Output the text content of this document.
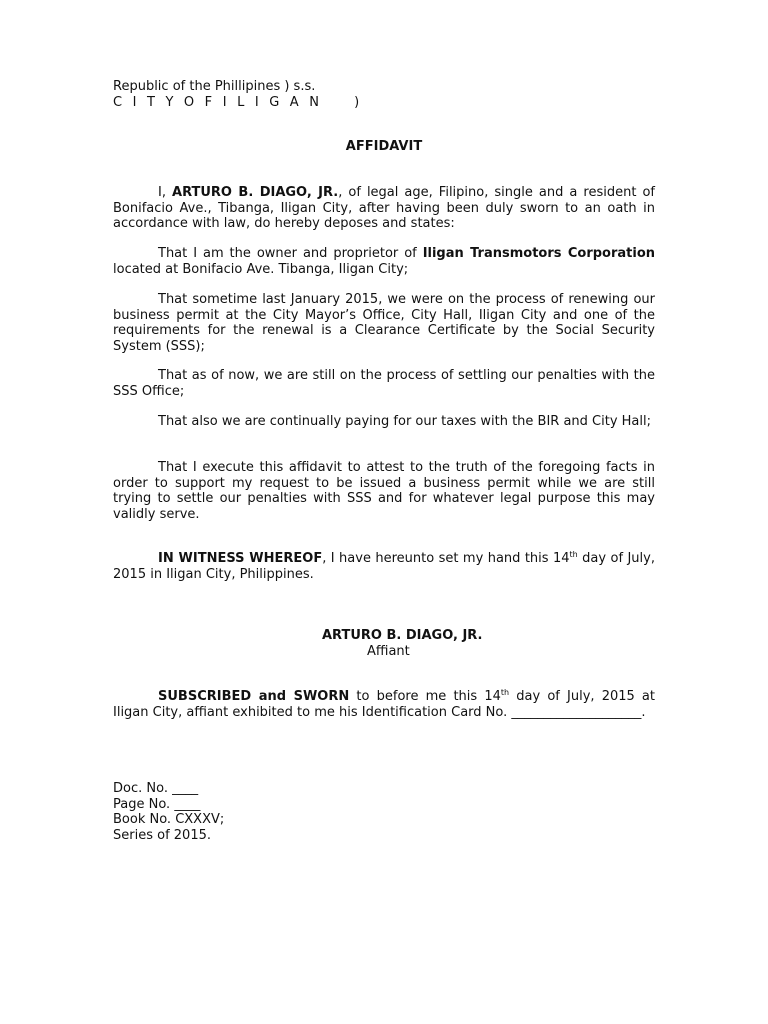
Republic of the Phillipines ) s.s.
C I T Y O F I L I G A N )
AFFIDAVIT
I, ARTURO B. DIAGO, JR., of legal age, Filipino, single and a resident of Bonifacio Ave., Tibanga, Iligan City, after having been duly sworn to an oath in accordance with law, do hereby deposes and states:
That I am the owner and proprietor of Iligan Transmotors Corporation located at Bonifacio Ave. Tibanga, Iligan City;
That sometime last January 2015, we were on the process of renewing our business permit at the City Mayor’s Office, City Hall, Iligan City and one of the requirements for the renewal is a Clearance Certificate by the Social Security System (SSS);
That as of now, we are still on the process of settling our penalties with the SSS Office;
That also we are continually paying for our taxes with the BIR and City Hall;
That I execute this affidavit to attest to the truth of the foregoing facts in order to support my request to be issued a business permit while we are still trying to settle our penalties with SSS and for whatever legal purpose this may validly serve.
IN WITNESS WHEREOF, I have hereunto set my hand this 14th day of July, 2015 in Iligan City, Philippines.
ARTURO B. DIAGO, JR.
Affiant
SUBSCRIBED and SWORN to before me this 14th day of July, 2015 at Iligan City, affiant exhibited to me his Identification Card No. ____________________.
Doc. No. ____
Page No. ____
Book No. CXXXV;
Series of 2015.
